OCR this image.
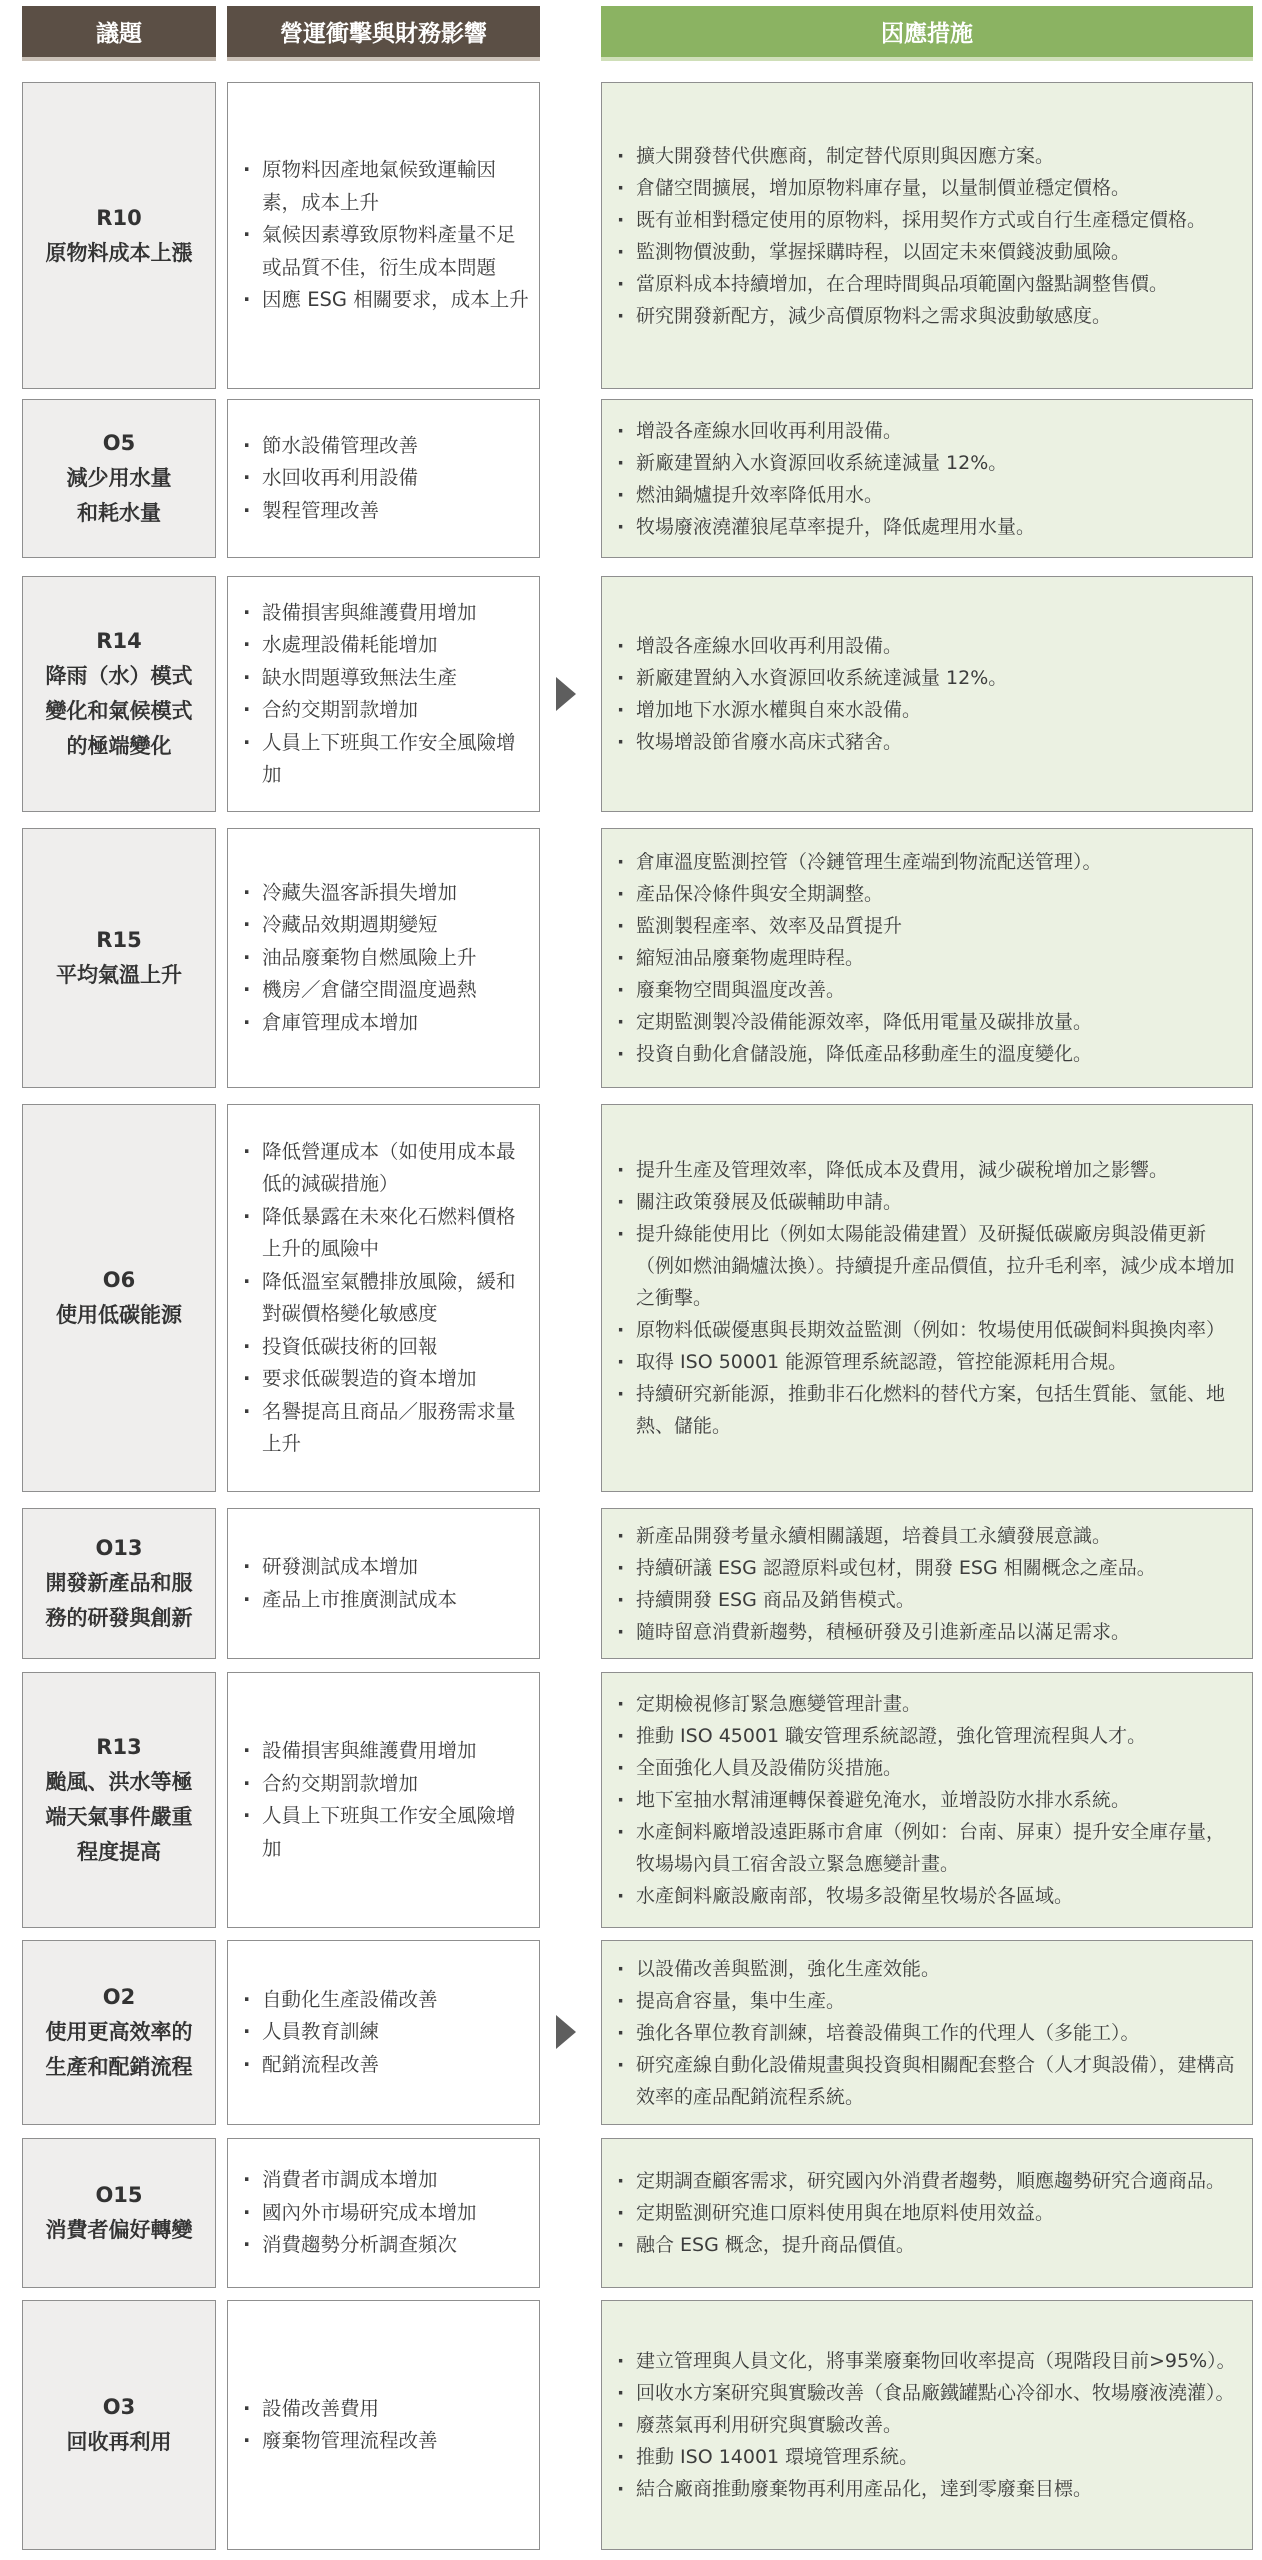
議題	營運衝擊與財務影響	因應措施
R10
原物料成本上漲
· 原物料因產地氣候致運輸因素，成本上升
· 氣候因素導致原物料產量不足或品質不佳，衍生成本問題
· 因應 ESG 相關要求，成本上升
· 擴大開發替代供應商，制定替代原則與因應方案。
· 倉儲空間擴展，增加原物料庫存量，以量制價並穩定價格。
· 既有並相對穩定使用的原物料，採用契作方式或自行生產穩定價格。
· 監測物價波動，掌握採購時程，以固定未來價錢波動風險。
· 當原料成本持續增加，在合理時間與品項範圍內盤點調整售價。
· 研究開發新配方，減少高價原物料之需求與波動敏感度。
O5
減少用水量
和耗水量
· 節水設備管理改善
· 水回收再利用設備
· 製程管理改善
· 增設各產線水回收再利用設備。
· 新廠建置納入水資源回收系統達減量 12%。
· 燃油鍋爐提升效率降低用水。
· 牧場廢液澆灌狼尾草率提升，降低處理用水量。
R14
降雨（水）模式
變化和氣候模式
的極端變化
· 設備損害與維護費用增加
· 水處理設備耗能增加
· 缺水問題導致無法生產
· 合約交期罰款增加
· 人員上下班與工作安全風險增加
· 增設各產線水回收再利用設備。
· 新廠建置納入水資源回收系統達減量 12%。
· 增加地下水源水權與自來水設備。
· 牧場增設節省廢水高床式豬舍。
R15
平均氣溫上升
· 冷藏失溫客訴損失增加
· 冷藏品效期週期變短
· 油品廢棄物自燃風險上升
· 機房／倉儲空間溫度過熱
· 倉庫管理成本增加
· 倉庫溫度監測控管（冷鏈管理生產端到物流配送管理）。
· 產品保冷條件與安全期調整。
· 監測製程產率、效率及品質提升
· 縮短油品廢棄物處理時程。
· 廢棄物空間與溫度改善。
· 定期監測製冷設備能源效率，降低用電量及碳排放量。
· 投資自動化倉儲設施，降低產品移動產生的溫度變化。
O6
使用低碳能源
· 降低營運成本（如使用成本最低的減碳措施）
· 降低暴露在未來化石燃料價格上升的風險中
· 降低溫室氣體排放風險，緩和對碳價格變化敏感度
· 投資低碳技術的回報
· 要求低碳製造的資本增加
· 名譽提高且商品／服務需求量上升
· 提升生產及管理效率，降低成本及費用，減少碳稅增加之影響。
· 關注政策發展及低碳輔助申請。
· 提升綠能使用比（例如太陽能設備建置）及研擬低碳廠房與設備更新（例如燃油鍋爐汰換）。持續提升產品價值，拉升毛利率，減少成本增加之衝擊。
· 原物料低碳優惠與長期效益監測（例如：牧場使用低碳飼料與換肉率）
· 取得 ISO 50001 能源管理系統認證，管控能源耗用合規。
· 持續研究新能源，推動非石化燃料的替代方案，包括生質能、氫能、地熱、儲能。
O13
開發新產品和服
務的研發與創新
· 研發測試成本增加
· 產品上市推廣測試成本
· 新產品開發考量永續相關議題，培養員工永續發展意識。
· 持續研議 ESG 認證原料或包材，開發 ESG 相關概念之產品。
· 持續開發 ESG 商品及銷售模式。
· 隨時留意消費新趨勢，積極研發及引進新產品以滿足需求。
R13
颱風、洪水等極
端天氣事件嚴重
程度提高
· 設備損害與維護費用增加
· 合約交期罰款增加
· 人員上下班與工作安全風險增加
· 定期檢視修訂緊急應變管理計畫。
· 推動 ISO 45001 職安管理系統認證，強化管理流程與人才。
· 全面強化人員及設備防災措施。
· 地下室抽水幫浦運轉保養避免淹水，並增設防水排水系統。
· 水產飼料廠增設遠距縣市倉庫（例如：台南、屏東）提升安全庫存量，牧場場內員工宿舍設立緊急應變計畫。
· 水產飼料廠設廠南部，牧場多設衛星牧場於各區域。
O2
使用更高效率的
生產和配銷流程
· 自動化生產設備改善
· 人員教育訓練
· 配銷流程改善
· 以設備改善與監測，強化生產效能。
· 提高倉容量，集中生產。
· 強化各單位教育訓練，培養設備與工作的代理人（多能工）。
· 研究產線自動化設備規畫與投資與相關配套整合（人才與設備），建構高效率的產品配銷流程系統。
O15
消費者偏好轉變
· 消費者市調成本增加
· 國內外市場研究成本增加
· 消費趨勢分析調查頻次
· 定期調查顧客需求，研究國內外消費者趨勢，順應趨勢研究合適商品。
· 定期監測研究進口原料使用與在地原料使用效益。
· 融合 ESG 概念，提升商品價值。
O3
回收再利用
· 設備改善費用
· 廢棄物管理流程改善
· 建立管理與人員文化，將事業廢棄物回收率提高（現階段目前>95%）。
· 回收水方案研究與實驗改善（食品廠鐵罐點心冷卻水、牧場廢液澆灌）。
· 廢蒸氣再利用研究與實驗改善。
· 推動 ISO 14001 環境管理系統。
· 結合廠商推動廢棄物再利用產品化，達到零廢棄目標。
